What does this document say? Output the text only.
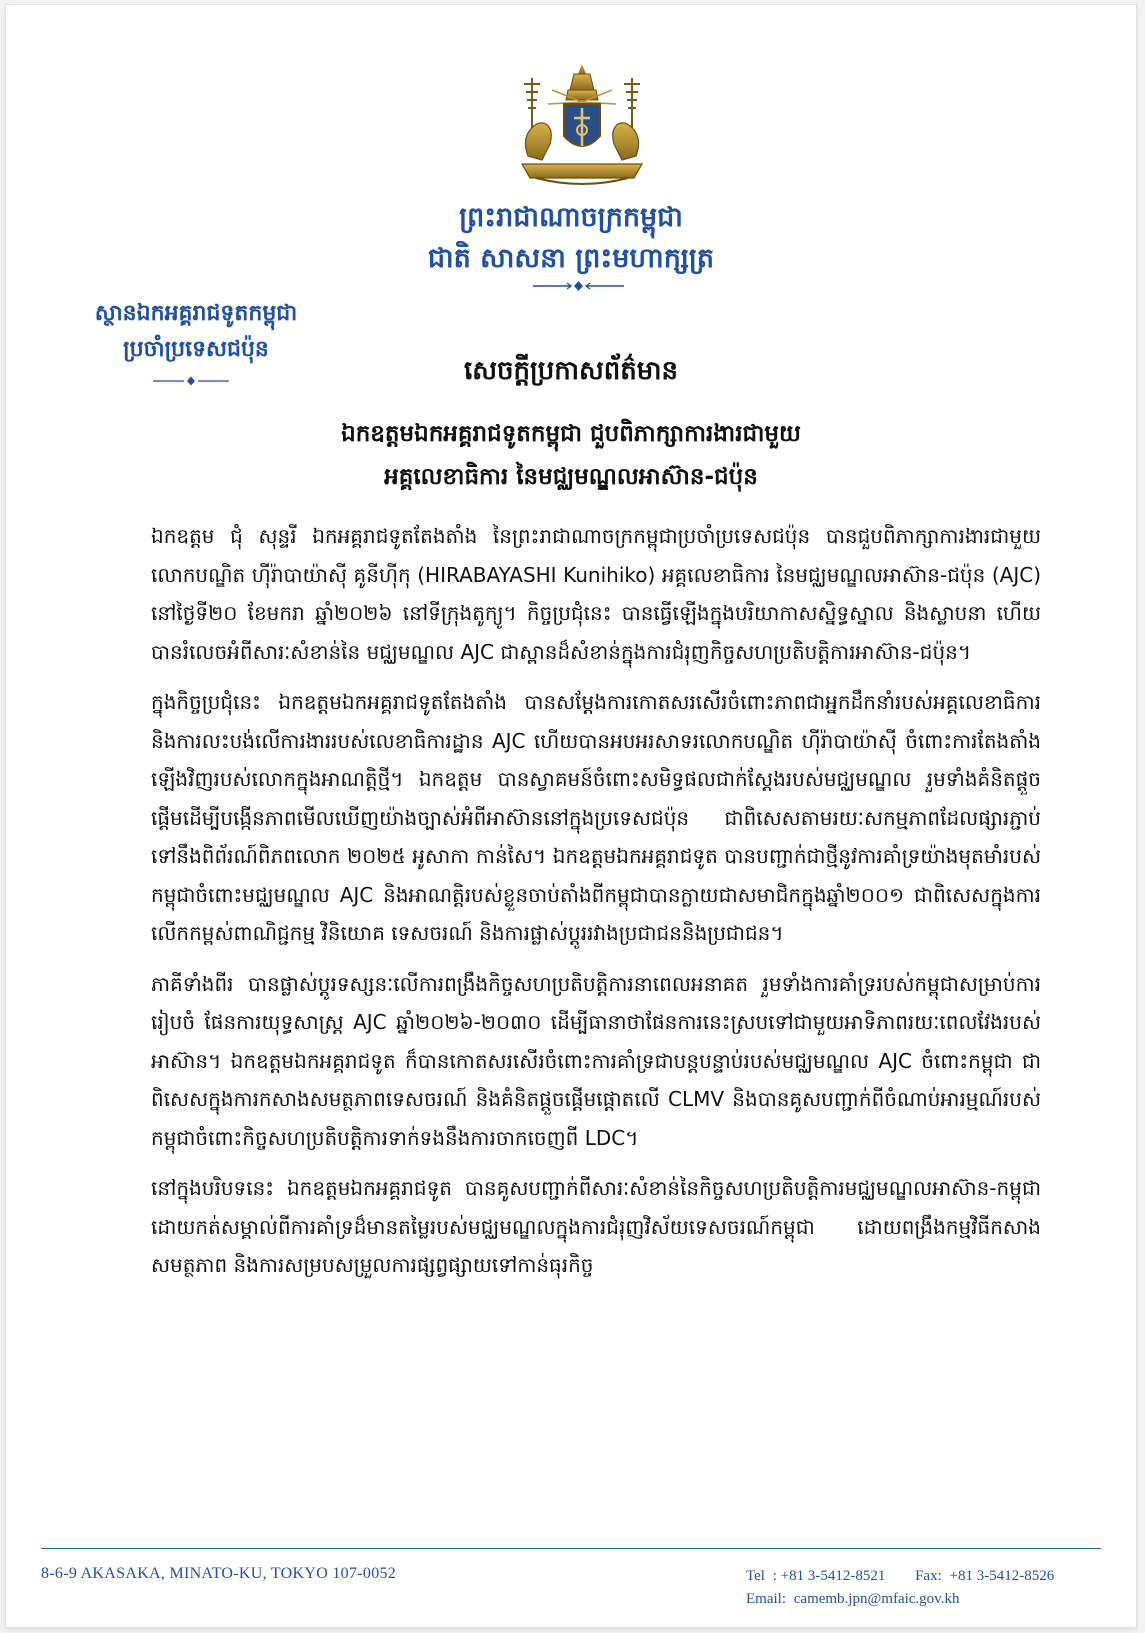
ព្រះរាជាណាចក្រកម្ពុជា
ជាតិ សាសនា ព្រះមហាក្សត្រ
ស្ថានឯកអគ្គរាជទូតកម្ពុជា
ប្រចាំប្រទេសជប៉ុន
សេចក្តីប្រកាសព័ត៌មាន
ឯកឧត្តមឯកអគ្គរាជទូតកម្ពុជា ជួបពិភាក្សាការងារជាមួយ
អគ្គលេខាធិការ នៃមជ្ឈមណ្ឌលអាស៊ាន-ជប៉ុន

ឯកឧត្តម ជុំ សុន្ទរី ឯកអគ្គរាជទូតតែងតាំង នៃព្រះរាជាណាចក្រកម្ពុជាប្រចាំប្រទេសជប៉ុន បានជួបពិភាក្សាការងារជាមួយ លោកបណ្ឌិត ហ៊ីរ៉ាបាយ៉ាស៊ី គូនីហ៊ីកុ (HIRABAYASHI Kunihiko) អគ្គលេខាធិការ នៃមជ្ឈមណ្ឌលអាស៊ាន-ជប៉ុន (AJC) នៅថ្ងៃទី២០ ខែមករា ឆ្នាំ២០២៦ នៅទីក្រុងតូក្យូ។ កិច្ចប្រជុំនេះ បានធ្វើឡើងក្នុងបរិយាកាសស្និទ្ធស្នាល និងស្លាបនា ហើយបានរំលេចអំពីសារៈសំខាន់នៃ មជ្ឈមណ្ឌល AJC ជាស្ពានដ៏សំខាន់ក្នុងការជំរុញកិច្ចសហប្រតិបត្តិការអាស៊ាន-ជប៉ុន។

ក្នុងកិច្ចប្រជុំនេះ ឯកឧត្តមឯកអគ្គរាជទូតតែងតាំង បានសម្តែងការកោតសរសើរចំពោះភាពជាអ្នកដឹកនាំរបស់អគ្គលេខាធិការ និងការលះបង់លើការងាររបស់លេខាធិការដ្ឋាន AJC ហើយបានអបអរសាទរលោកបណ្ឌិត ហ៊ីរ៉ាបាយ៉ាស៊ី ចំពោះការតែងតាំងឡើងវិញរបស់លោកក្នុងអាណត្តិថ្មី។ ឯកឧត្តម បានស្វាគមន៍ចំពោះសមិទ្ធផលជាក់ស្តែងរបស់មជ្ឈមណ្ឌល រួមទាំងគំនិតផ្តួចផ្តើមដើម្បីបង្កើនភាពមើលឃើញយ៉ាងច្បាស់អំពីអាស៊ាននៅក្នុងប្រទេសជប៉ុន ជាពិសេសតាមរយៈសកម្មភាពដែលផ្សារភ្ជាប់ទៅនឹងពិព័រណ៍ពិភពលោក ២០២៥ អូសាកា កាន់សៃ។ ឯកឧត្តមឯកអគ្គរាជទូត បានបញ្ជាក់ជាថ្មីនូវការគាំទ្រយ៉ាងមុតមាំរបស់កម្ពុជាចំពោះមជ្ឈមណ្ឌល AJC និងអាណត្តិរបស់ខ្លួនចាប់តាំងពីកម្ពុជាបានក្លាយជាសមាជិកក្នុងឆ្នាំ២០០១ ជាពិសេសក្នុងការលើកកម្ពស់ពាណិជ្ជកម្ម វិនិយោគ ទេសចរណ៍ និងការផ្លាស់ប្តូររវាងប្រជាជននិងប្រជាជន។

ភាគីទាំងពីរ បានផ្លាស់ប្តូរទស្សនៈលើការពង្រឹងកិច្ចសហប្រតិបត្តិការនាពេលអនាគត រួមទាំងការគាំទ្ររបស់កម្ពុជាសម្រាប់ការរៀបចំ ផែនការយុទ្ធសាស្ត្រ AJC ឆ្នាំ២០២៦-២០៣០ ដើម្បីធានាថាផែនការនេះស្របទៅជាមួយអាទិភាពរយៈពេលវែងរបស់អាស៊ាន។ ឯកឧត្តមឯកអគ្គរាជទូត ក៏បានកោតសរសើរចំពោះការគាំទ្រជាបន្តបន្ទាប់របស់មជ្ឈមណ្ឌល AJC ចំពោះកម្ពុជា ជាពិសេសក្នុងការកសាងសមត្ថភាពទេសចរណ៍ និងគំនិតផ្តួចផ្តើមផ្តោតលើ CLMV និងបានគូសបញ្ជាក់ពីចំណាប់អារម្មណ៍របស់កម្ពុជាចំពោះកិច្ចសហប្រតិបត្តិការទាក់ទងនឹងការចាកចេញពី LDC។

នៅក្នុងបរិបទនេះ ឯកឧត្តមឯកអគ្គរាជទូត បានគូសបញ្ជាក់ពីសារៈសំខាន់នៃកិច្ចសហប្រតិបត្តិការមជ្ឈមណ្ឌលអាស៊ាន-កម្ពុជា ដោយកត់សម្គាល់ពីការគាំទ្រដ៏មានតម្លៃរបស់មជ្ឈមណ្ឌលក្នុងការជំរុញវិស័យទេសចរណ៍កម្ពុជា ដោយពង្រឹងកម្មវិធីកសាងសមត្ថភាព និងការសម្របសម្រួលការផ្សព្វផ្សាយទៅកាន់ធុរកិច្ច

8-6-9 AKASAKA, MINATO-KU, TOKYO 107-0052	Tel : +81 3-5412-8521 Fax: +81 3-5412-8526
Email: camemb.jpn@mfaic.gov.kh
